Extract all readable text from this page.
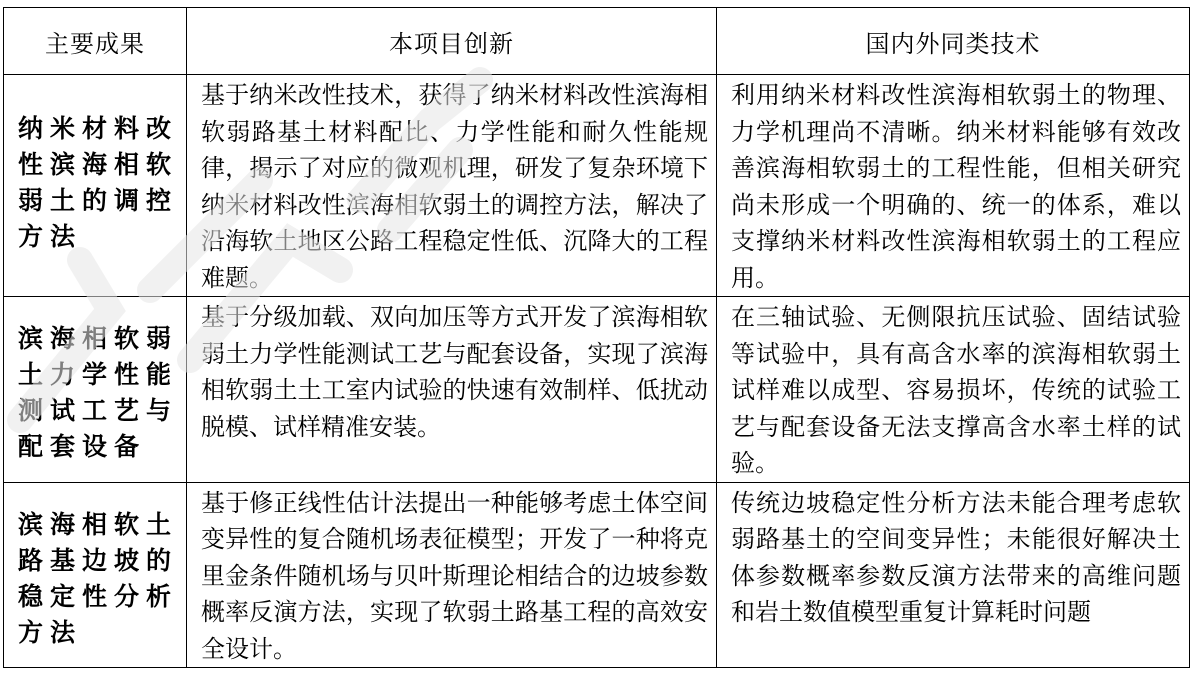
主要成果	本项目创新	国内外同类技术

纳米材料改性滨海相软弱土的调控方法	基于纳米改性技术，获得了纳米材料改性滨海相软弱路基土材料配比、力学性能和耐久性能规律，揭示了对应的微观机理，研发了复杂环境下纳米材料改性滨海相软弱土的调控方法，解决了沿海软土地区公路工程稳定性低、沉降大的工程难题。	利用纳米材料改性滨海相软弱土的物理、力学机理尚不清晰。纳米材料能够有效改善滨海相软弱土的工程性能，但相关研究尚未形成一个明确的、统一的体系，难以支撑纳米材料改性滨海相软弱土的工程应用。

滨海相软弱土力学性能测试工艺与配套设备	基于分级加载、双向加压等方式开发了滨海相软弱土力学性能测试工艺与配套设备，实现了滨海相软弱土土工室内试验的快速有效制样、低扰动脱模、试样精准安装。	在三轴试验、无侧限抗压试验、固结试验等试验中，具有高含水率的滨海相软弱土试样难以成型、容易损坏，传统的试验工艺与配套设备无法支撑高含水率土样的试验。

滨海相软土路基边坡的稳定性分析方法	基于修正线性估计法提出一种能够考虑土体空间变异性的复合随机场表征模型；开发了一种将克里金条件随机场与贝叶斯理论相结合的边坡参数概率反演方法，实现了软弱土路基工程的高效安全设计。	传统边坡稳定性分析方法未能合理考虑软弱路基土的空间变异性；未能很好解决土体参数概率参数反演方法带来的高维问题和岩土数值模型重复计算耗时问题
